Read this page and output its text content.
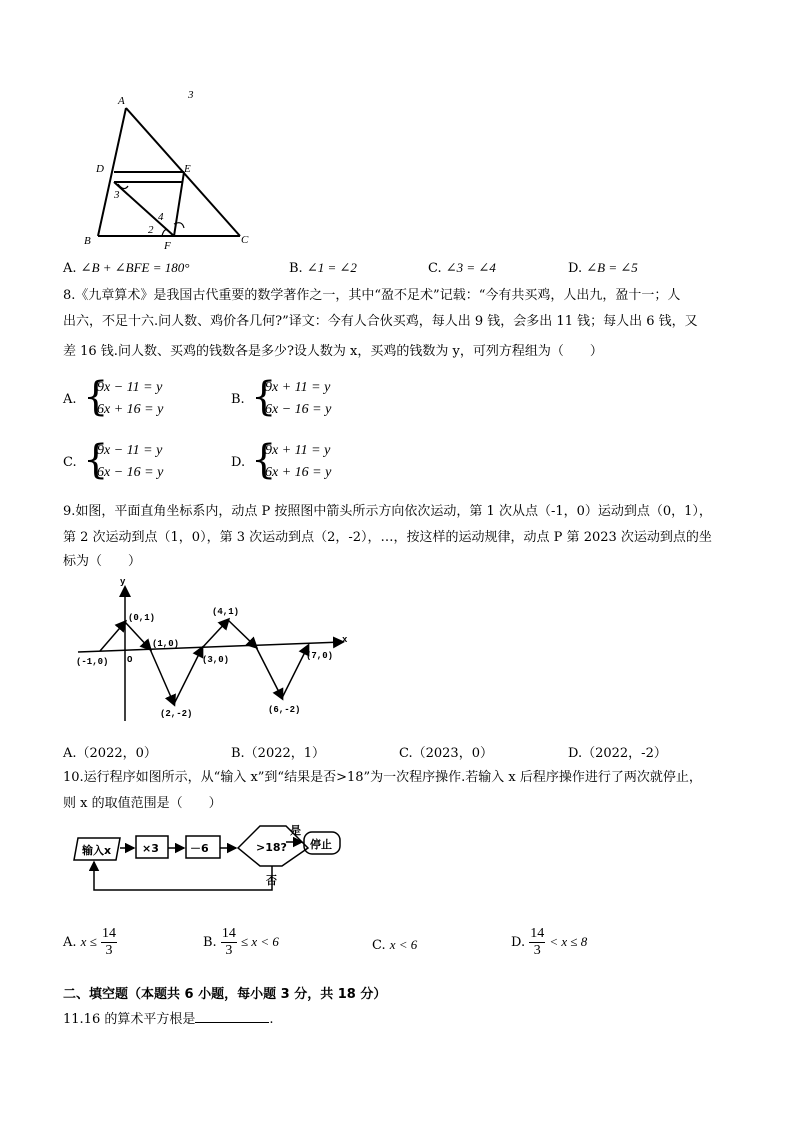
A	3
D	E
3
4
2
B	F	C
A. ∠B + ∠BFE = 180°	B. ∠1 = ∠2	C. ∠3 = ∠4	D. ∠B = ∠5
8.《九章算术》是我国古代重要的数学著作之一，其中“盈不足术”记载：“今有共买鸡，人出九，盈十一；人
出六，不足十六.问人数、鸡价各几何?”译文：今有人合伙买鸡，每人出 9 钱，会多出 11 钱；每人出 6 钱，又
差 16 钱.问人数、买鸡的钱数各是多少?设人数为 x，买鸡的钱数为 y，可列方程组为（　　）
A. {
9x − 11 = y
6x + 16 = y
B. {
9x + 11 = y
6x − 16 = y
C. {
9x − 11 = y
6x − 16 = y
D. {
9x + 11 = y
6x + 16 = y
9.如图，平面直角坐标系内，动点 P 按照图中箭头所示方向依次运动，第 1 次从点（-1，0）运动到点（0，1），
第 2 次运动到点（1，0），第 3 次运动到点（2，-2），…，按这样的运动规律，动点 P 第 2023 次运动到点的坐
标为（　　）
y
x
(-1,0)
(0,1)
(1,0)
O
(2,-2)
(3,0)
(4,1)
(6,-2)
(7,0)
A.（2022，0）	B.（2022，1）	C.（2023，0）	D.（2022，-2）
10.运行程序如图所示，从“输入 x”到“结果是否>18”为一次程序操作.若输入 x 后程序操作进行了两次就停止，
则 x 的取值范围是（　　）
输入x	×3	－6	>18? 停止
是
否
A. $x \le \frac{14}{3}$	B. $\frac{14}{3} \le x < 6$	C. x < 6	D. $\frac{14}{3} < x \le 8$
二、填空题（本题共 6 小题，每小题 3 分，共 18 分）
11.16 的算术平方根是	.
